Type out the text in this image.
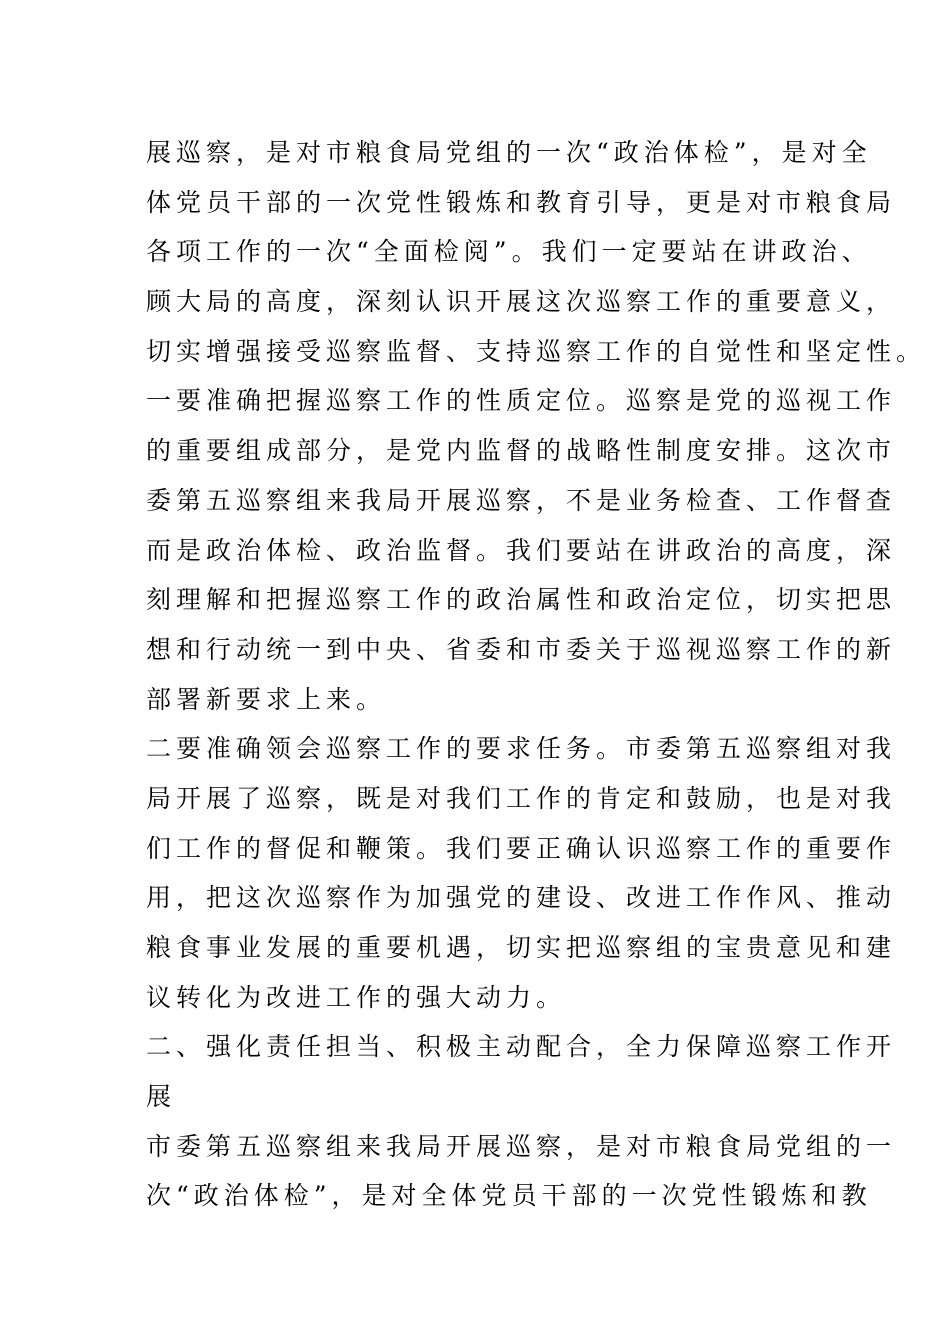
展巡察，是对市粮食局党组的一次“政治体检”，是对全
体党员干部的一次党性锻炼和教育引导，更是对市粮食局
各项工作的一次“全面检阅”。我们一定要站在讲政治、
顾大局的高度，深刻认识开展这次巡察工作的重要意义，
切实增强接受巡察监督、支持巡察工作的自觉性和坚定性。
一要准确把握巡察工作的性质定位。巡察是党的巡视工作
的重要组成部分，是党内监督的战略性制度安排。这次市
委第五巡察组来我局开展巡察，不是业务检查、工作督查
而是政治体检、政治监督。我们要站在讲政治的高度，深
刻理解和把握巡察工作的政治属性和政治定位，切实把思
想和行动统一到中央、省委和市委关于巡视巡察工作的新
部署新要求上来。
二要准确领会巡察工作的要求任务。市委第五巡察组对我
局开展了巡察，既是对我们工作的肯定和鼓励，也是对我
们工作的督促和鞭策。我们要正确认识巡察工作的重要作
用，把这次巡察作为加强党的建设、改进工作作风、推动
粮食事业发展的重要机遇，切实把巡察组的宝贵意见和建
议转化为改进工作的强大动力。
二、强化责任担当、积极主动配合，全力保障巡察工作开
展
市委第五巡察组来我局开展巡察，是对市粮食局党组的一
次“政治体检”，是对全体党员干部的一次党性锻炼和教
